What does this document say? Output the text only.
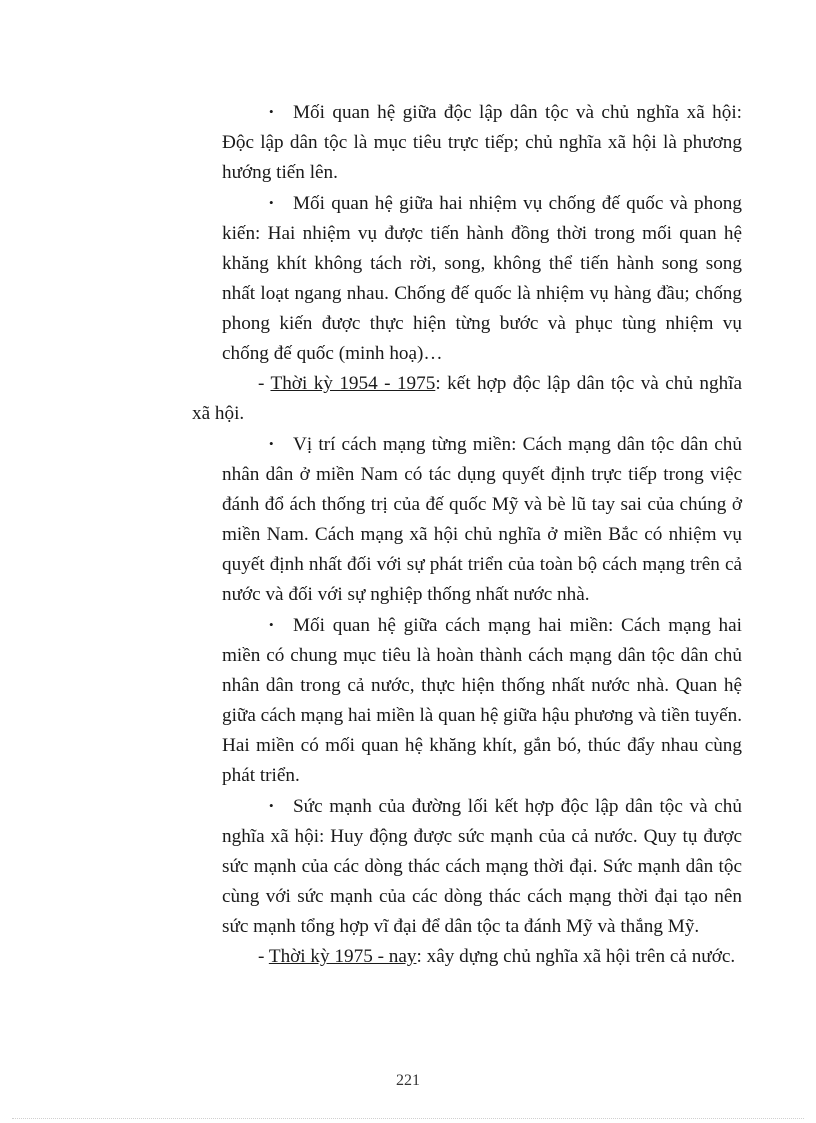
• Mối quan hệ giữa độc lập dân tộc và chủ nghĩa xã hội: Độc lập dân tộc là mục tiêu trực tiếp; chủ nghĩa xã hội là phương hướng tiến lên.

• Mối quan hệ giữa hai nhiệm vụ chống đế quốc và phong kiến: Hai nhiệm vụ được tiến hành đồng thời trong mối quan hệ khăng khít không tách rời, song, không thể tiến hành song song nhất loạt ngang nhau. Chống đế quốc là nhiệm vụ hàng đầu; chống phong kiến được thực hiện từng bước và phục tùng nhiệm vụ chống đế quốc (minh hoạ)…

- Thời kỳ 1954 - 1975: kết hợp độc lập dân tộc và chủ nghĩa xã hội.

• Vị trí cách mạng từng miền: Cách mạng dân tộc dân chủ nhân dân ở miền Nam có tác dụng quyết định trực tiếp trong việc đánh đổ ách thống trị của đế quốc Mỹ và bè lũ tay sai của chúng ở miền Nam. Cách mạng xã hội chủ nghĩa ở miền Bắc có nhiệm vụ quyết định nhất đối với sự phát triển của toàn bộ cách mạng trên cả nước và đối với sự nghiệp thống nhất nước nhà.

• Mối quan hệ giữa cách mạng hai miền: Cách mạng hai miền có chung mục tiêu là hoàn thành cách mạng dân tộc dân chủ nhân dân trong cả nước, thực hiện thống nhất nước nhà. Quan hệ giữa cách mạng hai miền là quan hệ giữa hậu phương và tiền tuyến. Hai miền có mối quan hệ khăng khít, gắn bó, thúc đẩy nhau cùng phát triển.

• Sức mạnh của đường lối kết hợp độc lập dân tộc và chủ nghĩa xã hội: Huy động được sức mạnh của cả nước. Quy tụ được sức mạnh của các dòng thác cách mạng thời đại. Sức mạnh dân tộc cùng với sức mạnh của các dòng thác cách mạng thời đại tạo nên sức mạnh tổng hợp vĩ đại để dân tộc ta đánh Mỹ và thắng Mỹ.

- Thời kỳ 1975 - nay: xây dựng chủ nghĩa xã hội trên cả nước.

221
